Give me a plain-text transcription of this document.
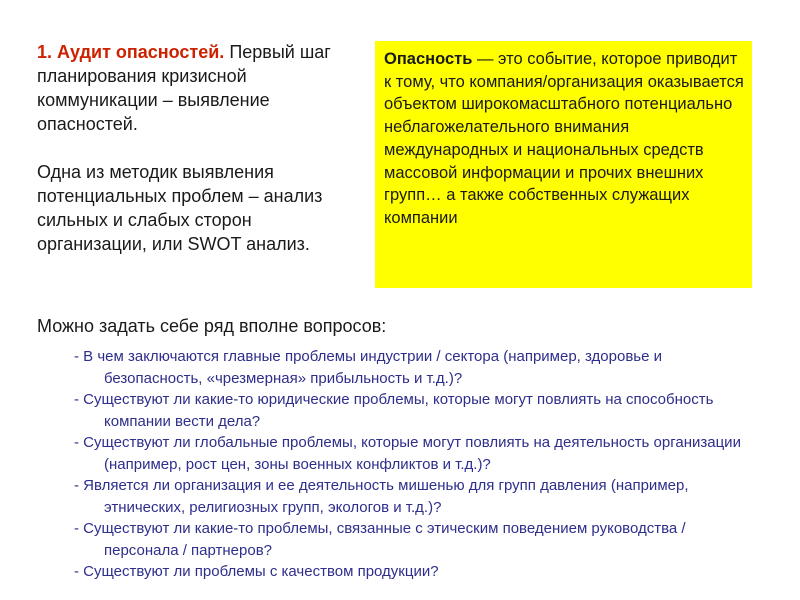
1. Аудит опасностей. Первый шаг планирования кризисной коммуникации – выявление опасностей.

Одна из методик выявления потенциальных проблем – анализ сильных и слабых сторон организации, или SWOT анализ.

Опасность — это событие, которое приводит к тому, что компания/организация оказывается объектом широкомасштабного потенциально неблагожелательного внимания международных и национальных средств массовой информации и прочих внешних групп… а также собственных служащих компании

Можно задать себе ряд вполне вопросов:

- В чем заключаются главные проблемы индустрии / сектора (например, здоровье и безопасность, «чрезмерная» прибыльность и т.д.)?
- Существуют ли какие-то юридические проблемы, которые могут повлиять на способность компании вести дела?
- Существуют ли глобальные проблемы, которые могут повлиять на деятельность организации (например, рост цен, зоны военных конфликтов и т.д.)?
- Является ли организация и ее деятельность мишенью для групп давления (например, этнических, религиозных групп, экологов и т.д.)?
- Существуют ли какие-то проблемы, связанные с этическим поведением руководства / персонала / партнеров?
- Существуют ли проблемы с качеством продукции?
